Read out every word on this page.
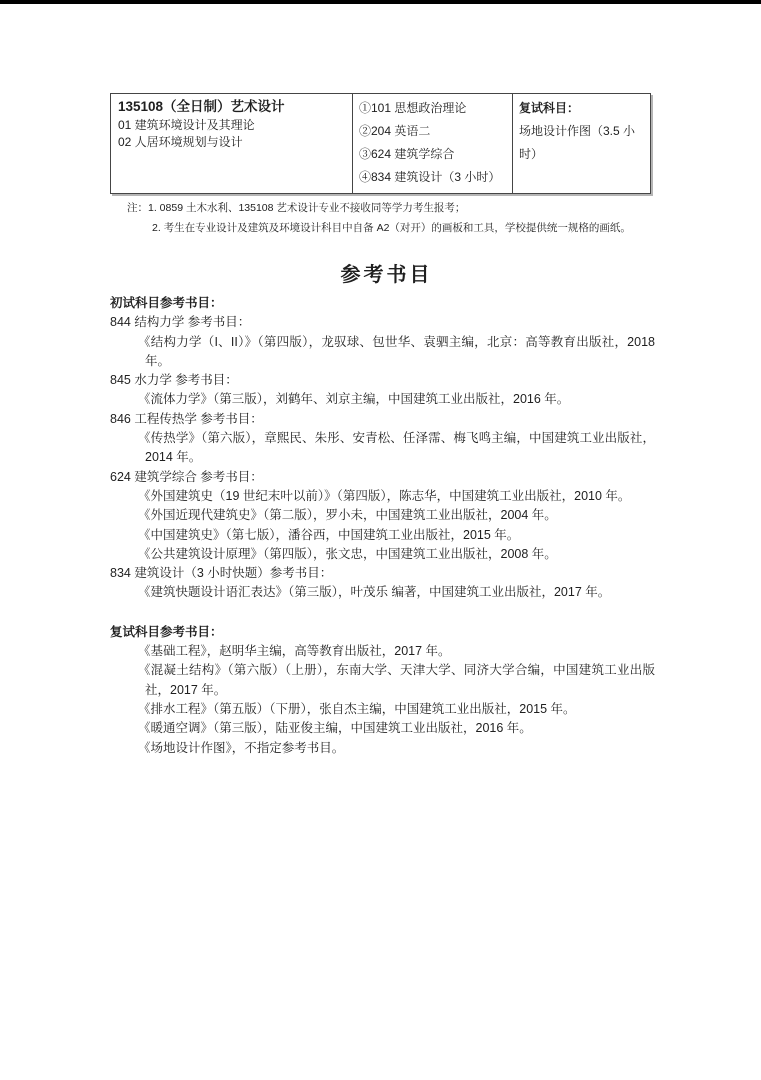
135108（全日制）艺术设计
01 建筑环境设计及其理论
02 人居环境规划与设计
①101 思想政治理论
②204 英语二
③624 建筑学综合
④834 建筑设计（3 小时）
复试科目：
场地设计作图（3.5 小时）
注：1. 0859 土木水利、135108 艺术设计专业不接收同等学力考生报考；
2. 考生在专业设计及建筑及环境设计科目中自备 A2（对开）的画板和工具，学校提供统一规格的画纸。
参考书目
初试科目参考书目：
844 结构力学 参考书目：
《结构力学（I、II）》（第四版），龙驭球、包世华、袁驷主编，北京：高等教育出版社，2018 年。
845 水力学 参考书目：
《流体力学》（第三版），刘鹤年、刘京主编，中国建筑工业出版社，2016 年。
846 工程传热学 参考书目：
《传热学》（第六版），章熙民、朱彤、安青松、任泽霈、梅飞鸣主编，中国建筑工业出版社，2014 年。
624 建筑学综合 参考书目：
《外国建筑史（19 世纪末叶以前）》（第四版），陈志华，中国建筑工业出版社，2010 年。
《外国近现代建筑史》（第二版），罗小未，中国建筑工业出版社，2004 年。
《中国建筑史》（第七版），潘谷西，中国建筑工业出版社，2015 年。
《公共建筑设计原理》（第四版），张文忠，中国建筑工业出版社，2008 年。
834 建筑设计（3 小时快题）参考书目：
《建筑快题设计语汇表达》（第三版），叶茂乐 编著，中国建筑工业出版社，2017 年。
复试科目参考书目：
《基础工程》，赵明华主编，高等教育出版社，2017 年。
《混凝土结构》（第六版）（上册），东南大学、天津大学、同济大学合编，中国建筑工业出版社，2017 年。
《排水工程》（第五版）（下册），张自杰主编，中国建筑工业出版社，2015 年。
《暖通空调》（第三版），陆亚俊主编，中国建筑工业出版社，2016 年。
《场地设计作图》，不指定参考书目。
